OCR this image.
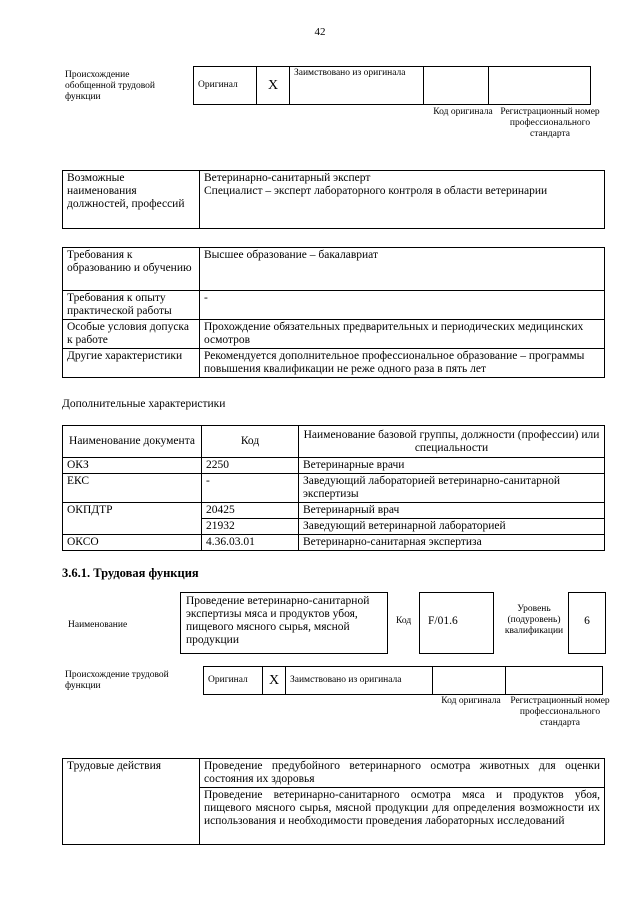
42
Происхождение обобщенной трудовой функции
Оригинал	X	Заимствовано из оригинала		
Код оригинала Регистрационный номер профессионального стандарта
Возможные наименования должностей, профессий	
Ветеринарно-санитарный эксперт
Специалист – эксперт лабораторного контроля в области ветеринарии
Требования к образованию и обучению	Высшее образование – бакалавриат
Требования к опыту практической работы	-
Особые условия допуска к работе	Прохождение обязательных предварительных и периодических медицинских осмотров
Другие характеристики	Рекомендуется дополнительное профессиональное образование – программы повышения квалификации не реже одного раза в пять лет
Дополнительные характеристики
Наименование документа	Код	Наименование базовой группы, должности (профессии) или специальности
ОКЗ	2250	Ветеринарные врачи
ЕКС	-	Заведующий лабораторией ветеринарно-санитарной экспертизы
ОКПДТР	20425	Ветеринарный врач
	21932	Заведующий ветеринарной лабораторией
ОКСО	4.36.03.01	Ветеринарно-санитарная экспертиза
3.6.1. Трудовая функция
Наименование
Проведение ветеринарно-санитарной экспертизы мяса и продуктов убоя, пищевого мясного сырья, мясной продукции
Код	F/01.6
Уровень (подуровень) квалификации
6
Происхождение трудовой функции
Оригинал	X	Заимствовано из оригинала		
Код оригинала	Регистрационный номер профессионального стандарта
Трудовые действия	Проведение предубойного ветеринарного осмотра животных для оценки состояния их здоровья
Проведение ветеринарно-санитарного осмотра мяса и продуктов убоя, пищевого мясного сырья, мясной продукции для определения возможности их использования и необходимости проведения лабораторных исследований
